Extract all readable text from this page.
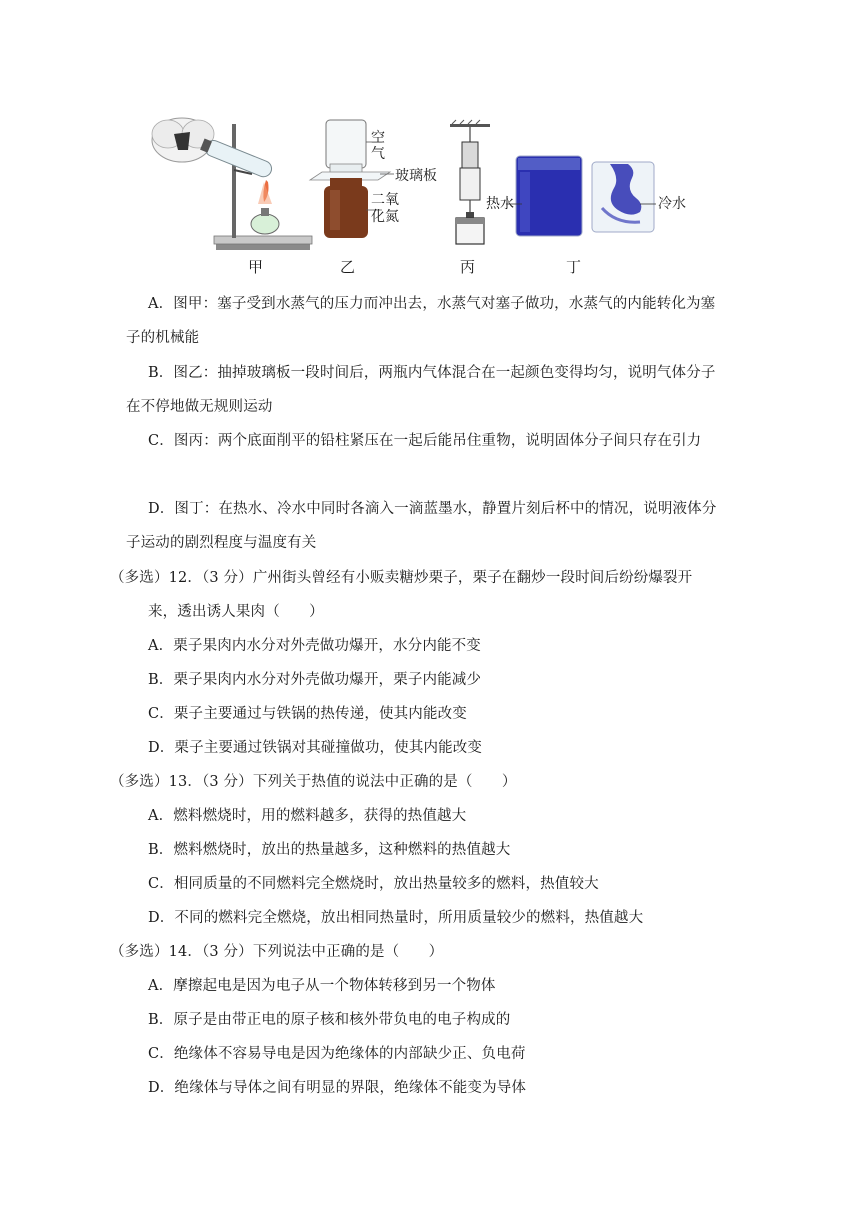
空
气
玻璃板
二氧
化氮
热水	冷水
甲	乙	丙	丁
A．图甲：塞子受到水蒸气的压力而冲出去，水蒸气对塞子做功，水蒸气的内能转化为塞
子的机械能
B．图乙：抽掉玻璃板一段时间后，两瓶内气体混合在一起颜色变得均匀，说明气体分子
在不停地做无规则运动
C．图丙：两个底面削平的铅柱紧压在一起后能吊住重物，说明固体分子间只存在引力
D．图丁：在热水、冷水中同时各滴入一滴蓝墨水，静置片刻后杯中的情况，说明液体分
子运动的剧烈程度与温度有关
（多选）12．（3 分）广州街头曾经有小贩卖糖炒栗子，栗子在翻炒一段时间后纷纷爆裂开
来，透出诱人果肉（　　）
A．栗子果肉内水分对外壳做功爆开，水分内能不变
B．栗子果肉内水分对外壳做功爆开，栗子内能减少
C．栗子主要通过与铁锅的热传递，使其内能改变
D．栗子主要通过铁锅对其碰撞做功，使其内能改变
（多选）13．（3 分）下列关于热值的说法中正确的是（　　）
A．燃料燃烧时，用的燃料越多，获得的热值越大
B．燃料燃烧时，放出的热量越多，这种燃料的热值越大
C．相同质量的不同燃料完全燃烧时，放出热量较多的燃料，热值较大
D．不同的燃料完全燃烧，放出相同热量时，所用质量较少的燃料，热值越大
（多选）14．（3 分）下列说法中正确的是（　　）
A．摩擦起电是因为电子从一个物体转移到另一个物体
B．原子是由带正电的原子核和核外带负电的电子构成的
C．绝缘体不容易导电是因为绝缘体的内部缺少正、负电荷
D．绝缘体与导体之间有明显的界限，绝缘体不能变为导体
